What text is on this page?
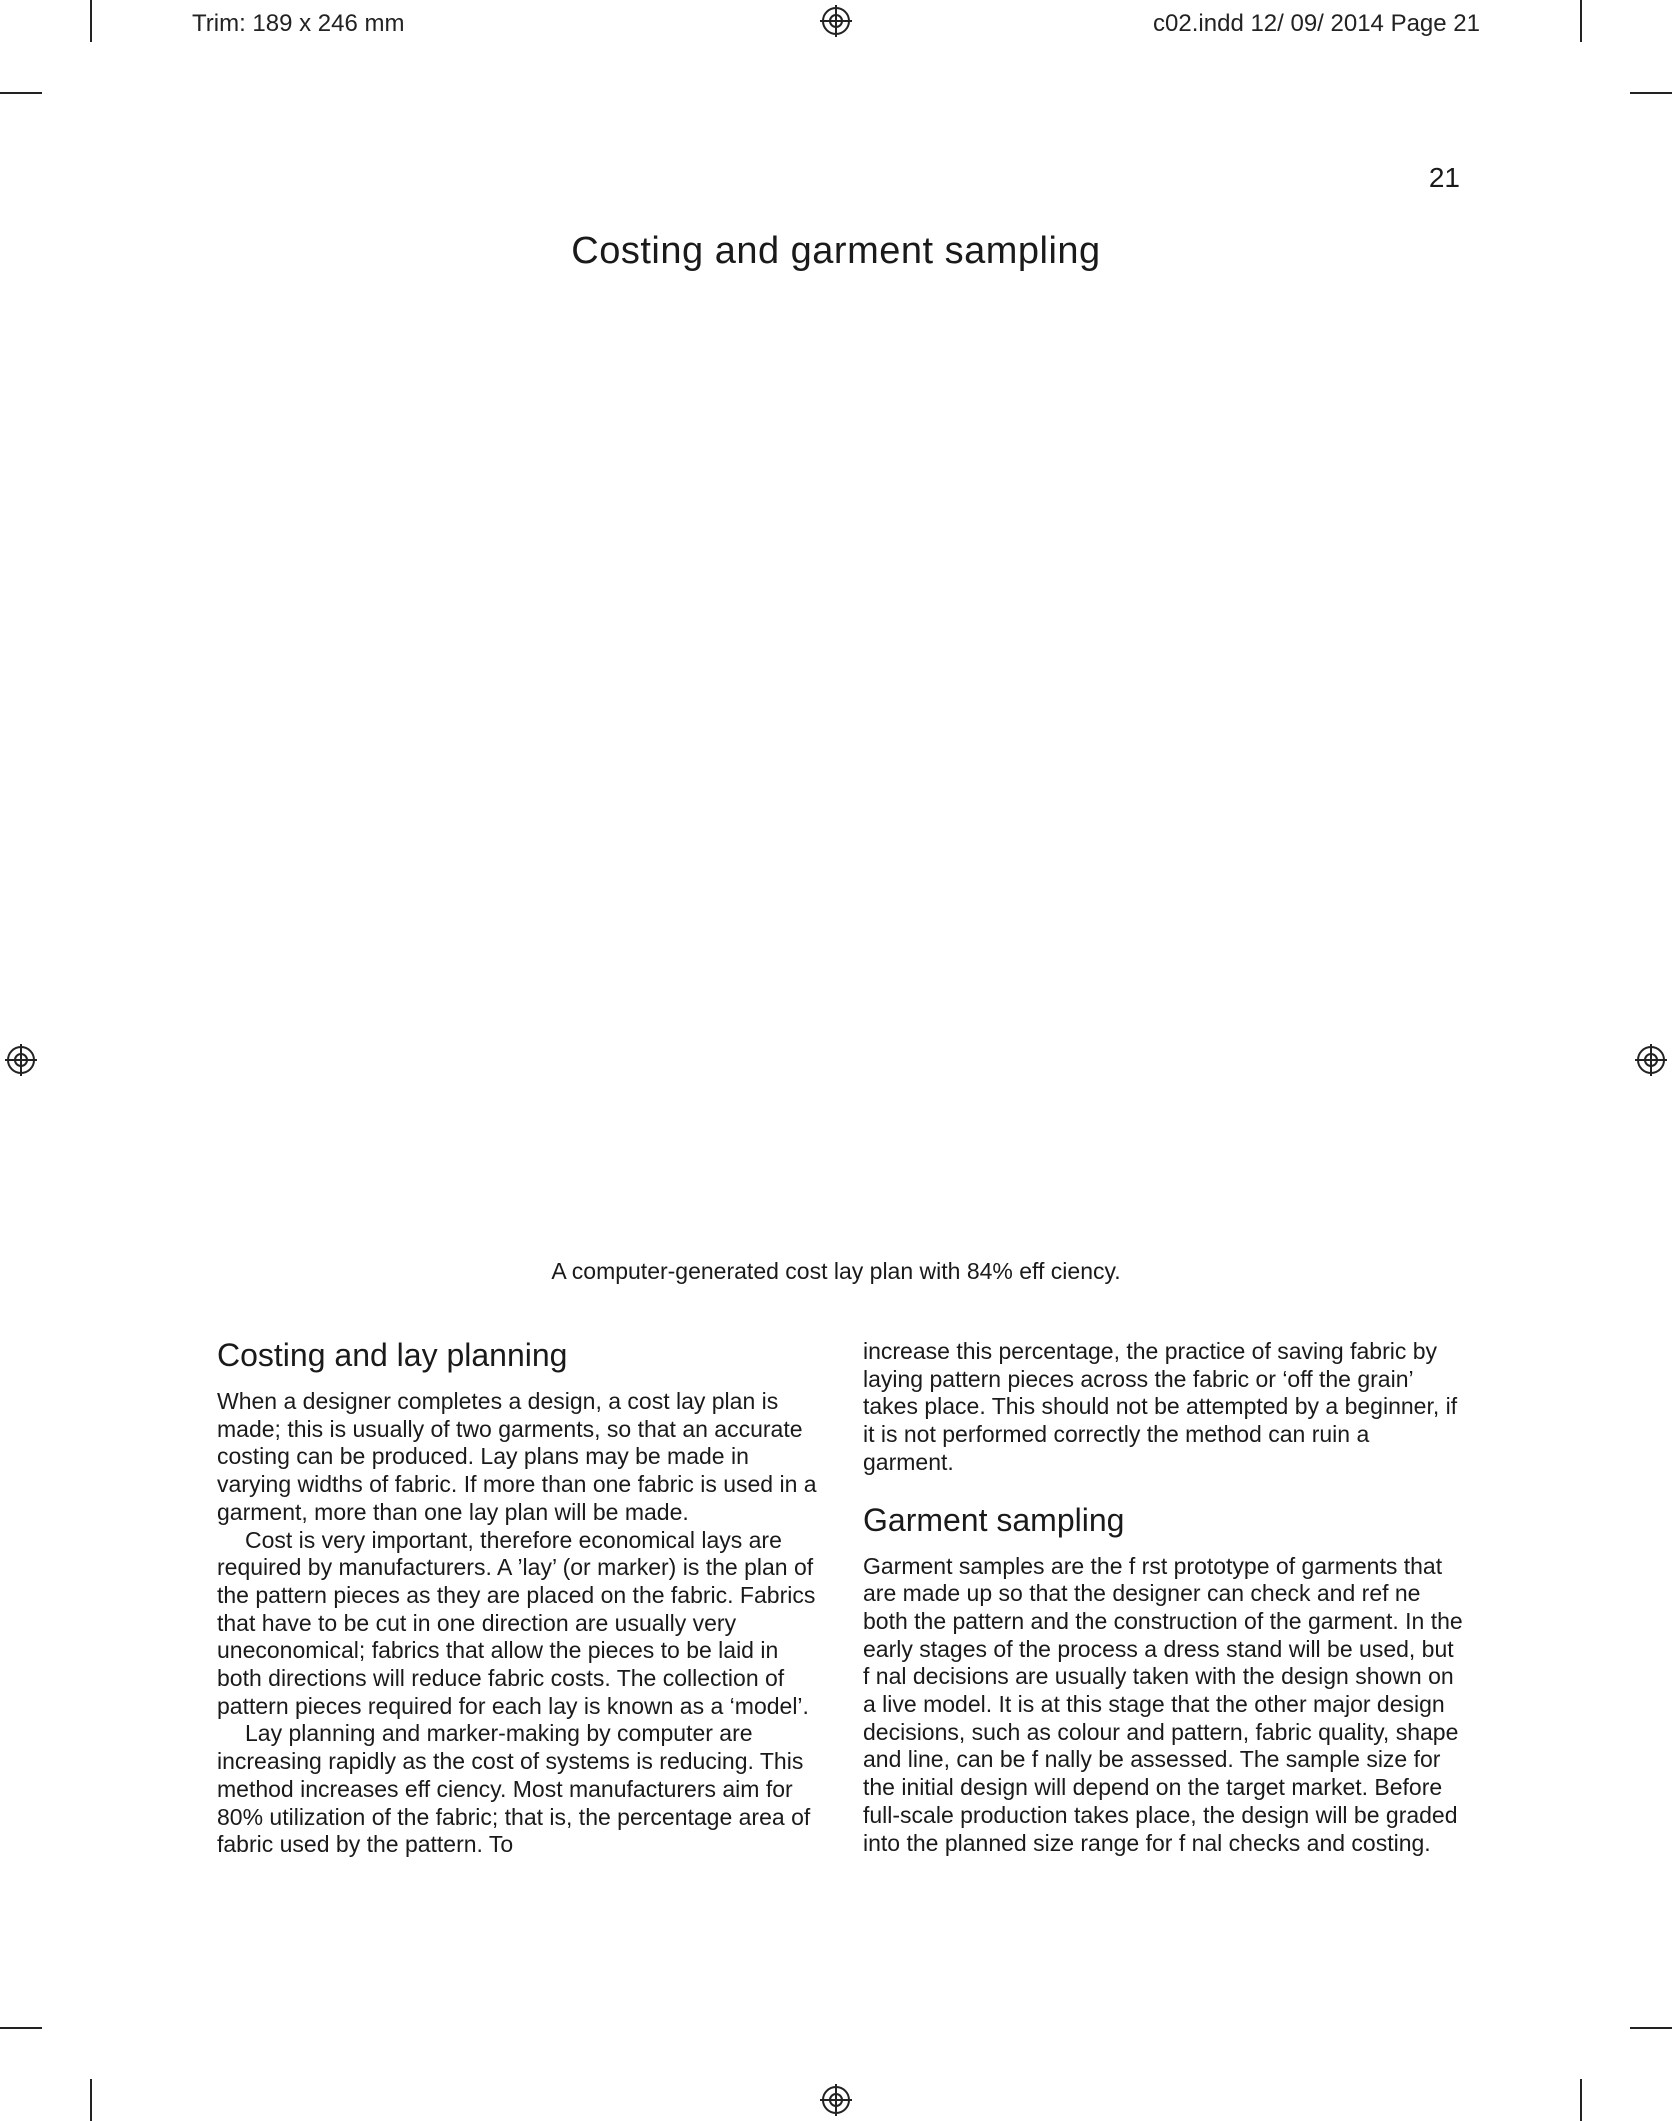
Trim: 189 x 246 mm	c02.indd 12/ 09/ 2014 Page 21
21
Costing and garment sampling
A computer-generated cost lay plan with 84% eff ciency.
Costing and lay planning

When a designer completes a design, a cost lay plan is made; this is usually of two garments, so that an accurate costing can be produced. Lay plans may be made in varying widths of fabric. If more than one fabric is used in a garment, more than one lay plan will be made.

Cost is very important, therefore economical lays are required by manufacturers. A ’lay’ (or marker) is the plan of the pattern pieces as they are placed on the fabric. Fabrics that have to be cut in one direction are usually very uneconomical; fabrics that allow the pieces to be laid in both directions will reduce fabric costs. The collection of pattern pieces required for each lay is known as a ‘model’.

Lay planning and marker-making by computer are increasing rapidly as the cost of systems is reducing. This method increases eff ciency. Most manufacturers aim for 80% utilization of the fabric; that is, the percentage area of fabric used by the pattern. To

increase this percentage, the practice of saving fabric by laying pattern pieces across the fabric or ‘off the grain’ takes place. This should not be attempted by a beginner, if it is not performed correctly the method can ruin a garment.

Garment sampling

Garment samples are the f rst prototype of garments that are made up so that the designer can check and ref ne both the pattern and the construction of the garment. In the early stages of the process a dress stand will be used, but f nal decisions are usually taken with the design shown on a live model. It is at this stage that the other major design decisions, such as colour and pattern, fabric quality, shape and line, can be f nally be assessed. The sample size for the initial design will depend on the target market. Before full-scale production takes place, the design will be graded into the planned size range for f nal checks and costing.
